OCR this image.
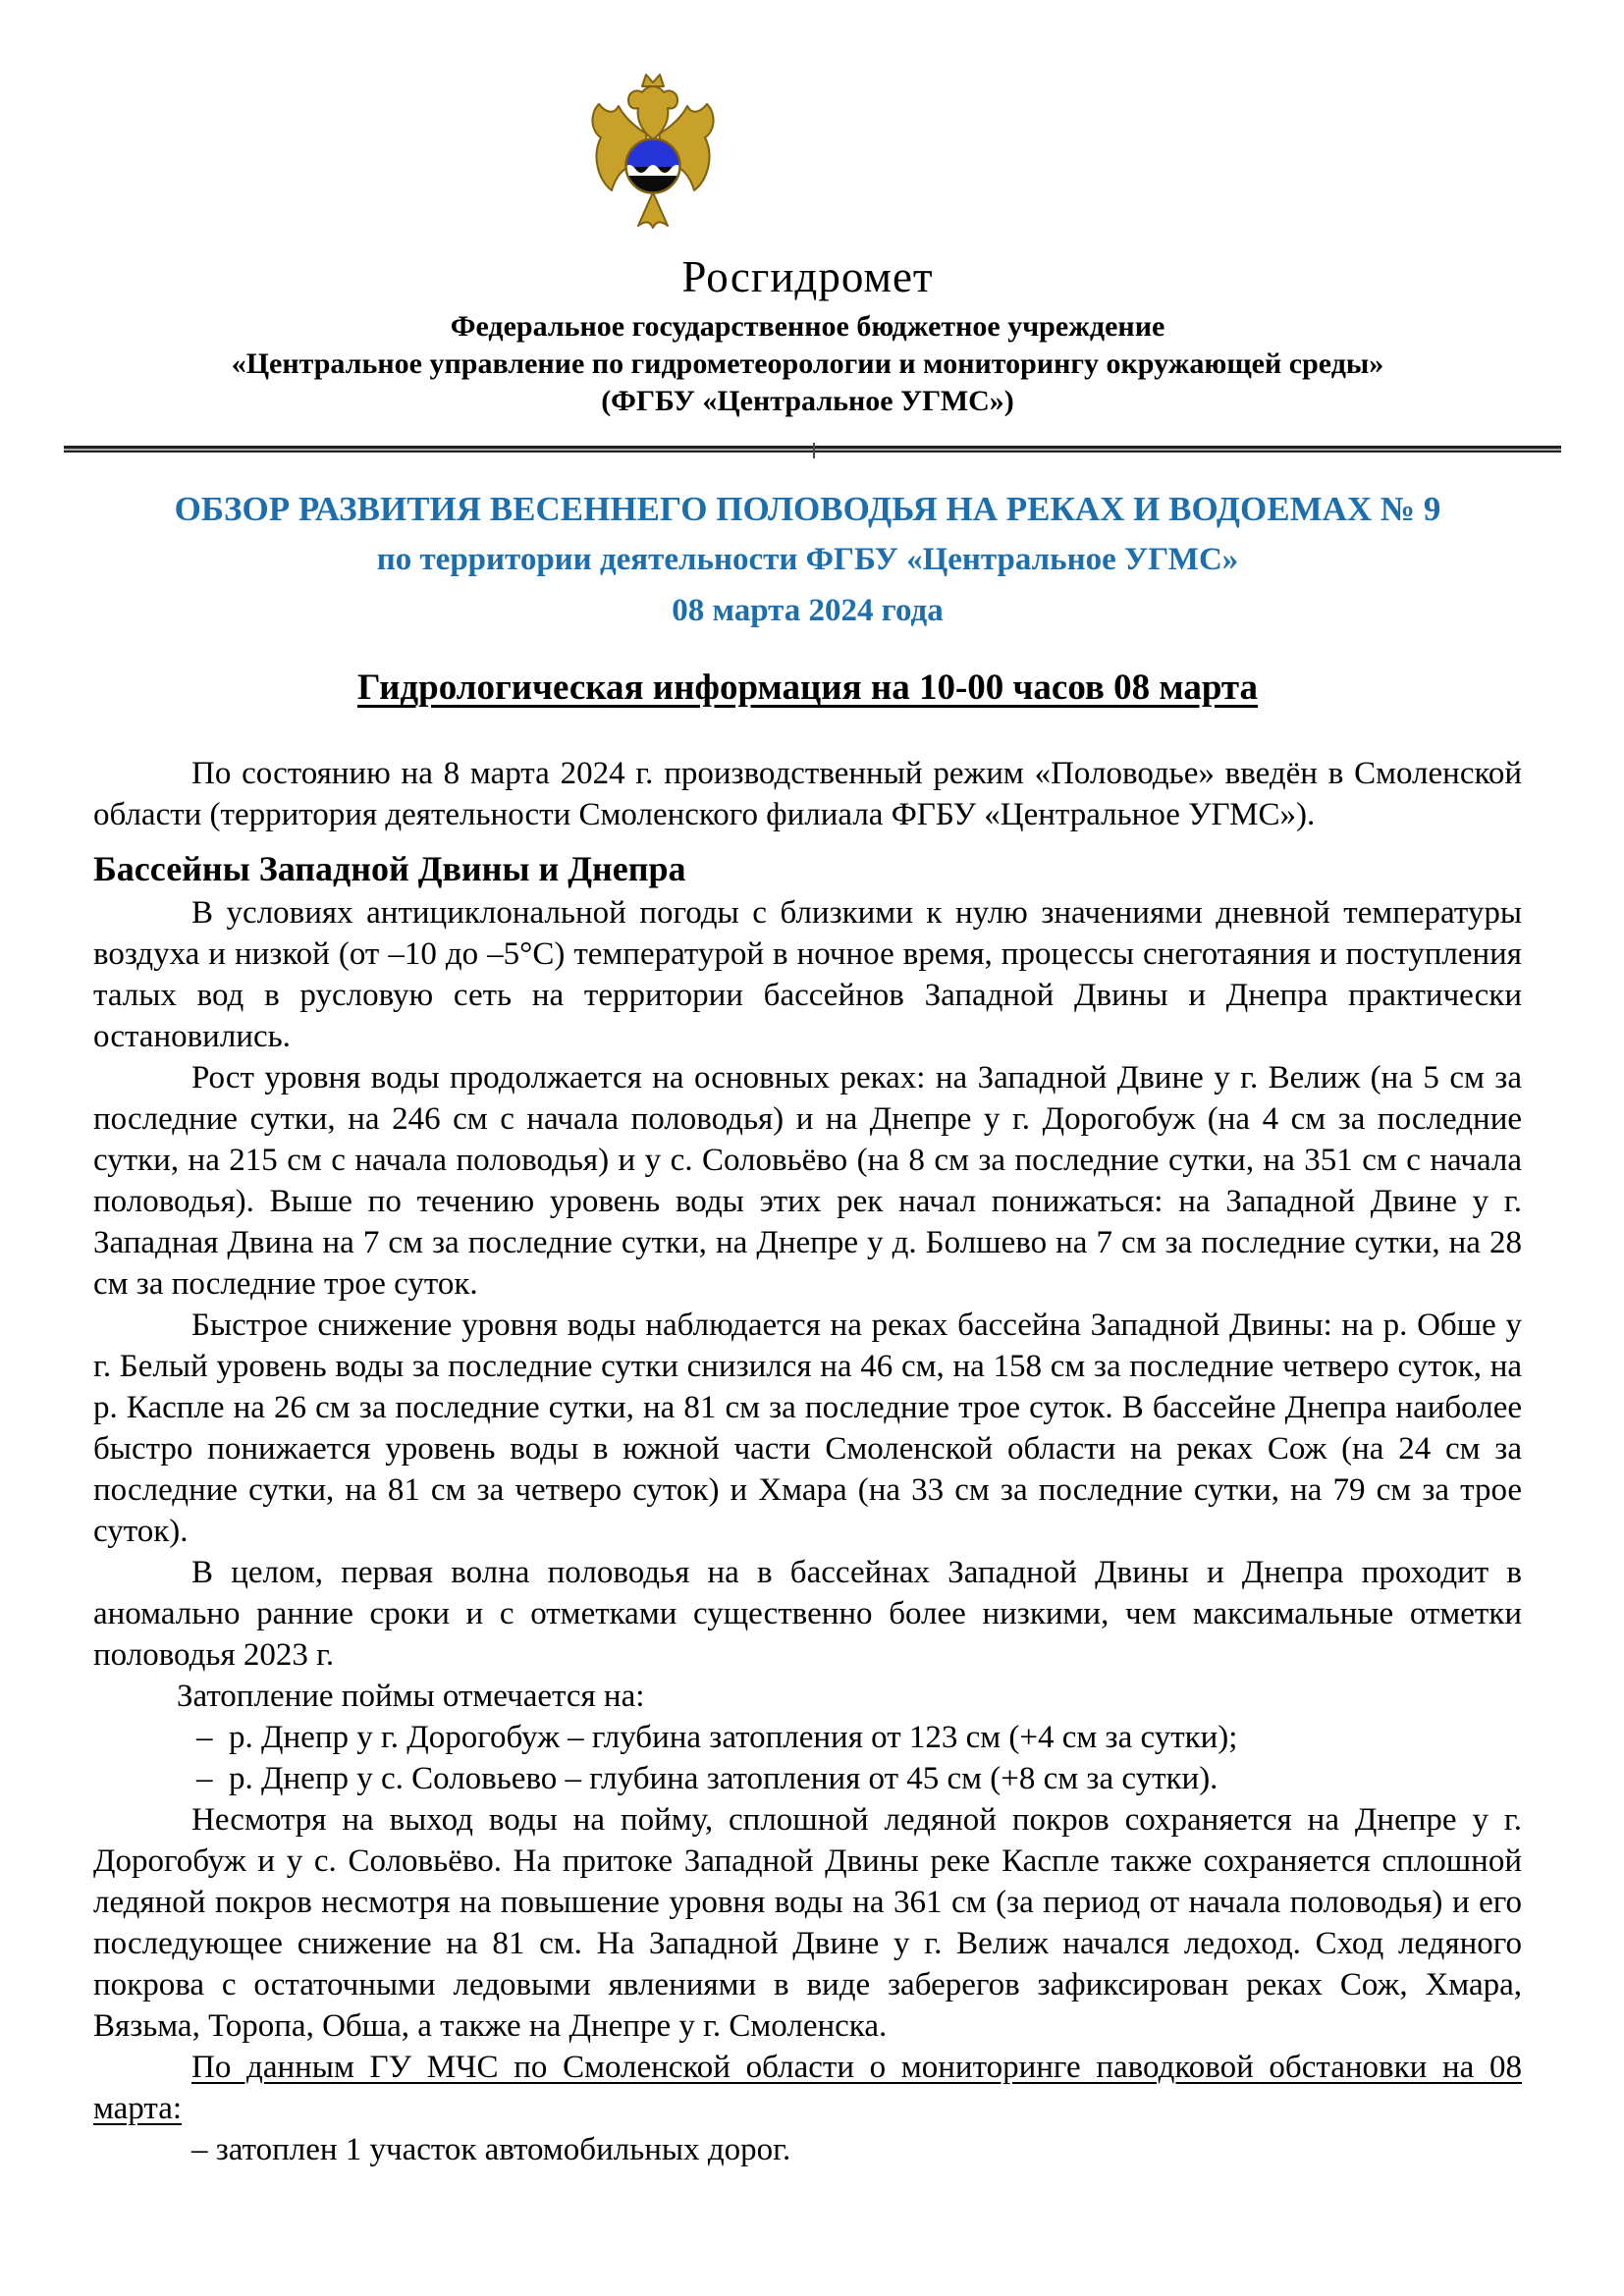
Росгидромет
Федеральное государственное бюджетное учреждение
«Центральное управление по гидрометеорологии и мониторингу окружающей среды»
(ФГБУ «Центральное УГМС»)
ОБЗОР РАЗВИТИЯ ВЕСЕННЕГО ПОЛОВОДЬЯ НА РЕКАХ И ВОДОЕМАХ № 9
по территории деятельности ФГБУ «Центральное УГМС»
08 марта 2024 года
Гидрологическая информация на 10-00 часов 08 марта

По состоянию на 8 марта 2024 г. производственный режим «Половодье» введён в Смоленской области (территория деятельности Смоленского филиала ФГБУ «Центральное УГМС»).

Бассейны Западной Двины и Днепра

В условиях антициклональной погоды с близкими к нулю значениями дневной температуры воздуха и низкой (от –10 до –5°С) температурой в ночное время, процессы снеготаяния и поступления талых вод в русловую сеть на территории бассейнов Западной Двины и Днепра практически остановились.

Рост уровня воды продолжается на основных реках: на Западной Двине у г. Велиж (на 5 см за последние сутки, на 246 см с начала половодья) и на Днепре у г. Дорогобуж (на 4 см за последние сутки, на 215 см с начала половодья) и у с. Соловьёво (на 8 см за последние сутки, на 351 см с начала половодья). Выше по течению уровень воды этих рек начал понижаться: на Западной Двине у г. Западная Двина на 7 см за последние сутки, на Днепре у д. Болшево на 7 см за последние сутки, на 28 см за последние трое суток.

Быстрое снижение уровня воды наблюдается на реках бассейна Западной Двины: на р. Обше у г. Белый уровень воды за последние сутки снизился на 46 см, на 158 см за последние четверо суток, на р. Каспле на 26 см за последние сутки, на 81 см за последние трое суток. В бассейне Днепра наиболее быстро понижается уровень воды в южной части Смоленской области на реках Сож (на 24 см за последние сутки, на 81 см за четверо суток) и Хмара (на 33 см за последние сутки, на 79 см за трое суток).

В целом, первая волна половодья на в бассейнах Западной Двины и Днепра проходит в аномально ранние сроки и с отметками существенно более низкими, чем максимальные отметки половодья 2023 г.

Затопление поймы отмечается на:

–  р. Днепр у г. Дорогобуж – глубина затопления от 123 см (+4 см за сутки);

–  р. Днепр у с. Соловьево – глубина затопления от 45 см (+8 см за сутки).

Несмотря на выход воды на пойму, сплошной ледяной покров сохраняется на Днепре у г. Дорогобуж и у с. Соловьёво. На притоке Западной Двины реке Каспле также сохраняется сплошной ледяной покров несмотря на повышение уровня воды на 361 см (за период от начала половодья) и его последующее снижение на 81 см. На Западной Двине у г. Велиж начался ледоход. Сход ледяного покрова с остаточными ледовыми явлениями в виде заберегов зафиксирован реках Сож, Хмара, Вязьма, Торопа, Обша, а также на Днепре у г. Смоленска.

По данным ГУ МЧС по Смоленской области о мониторинге паводковой обстановки на 08 марта:

– затоплен 1 участок автомобильных дорог.
